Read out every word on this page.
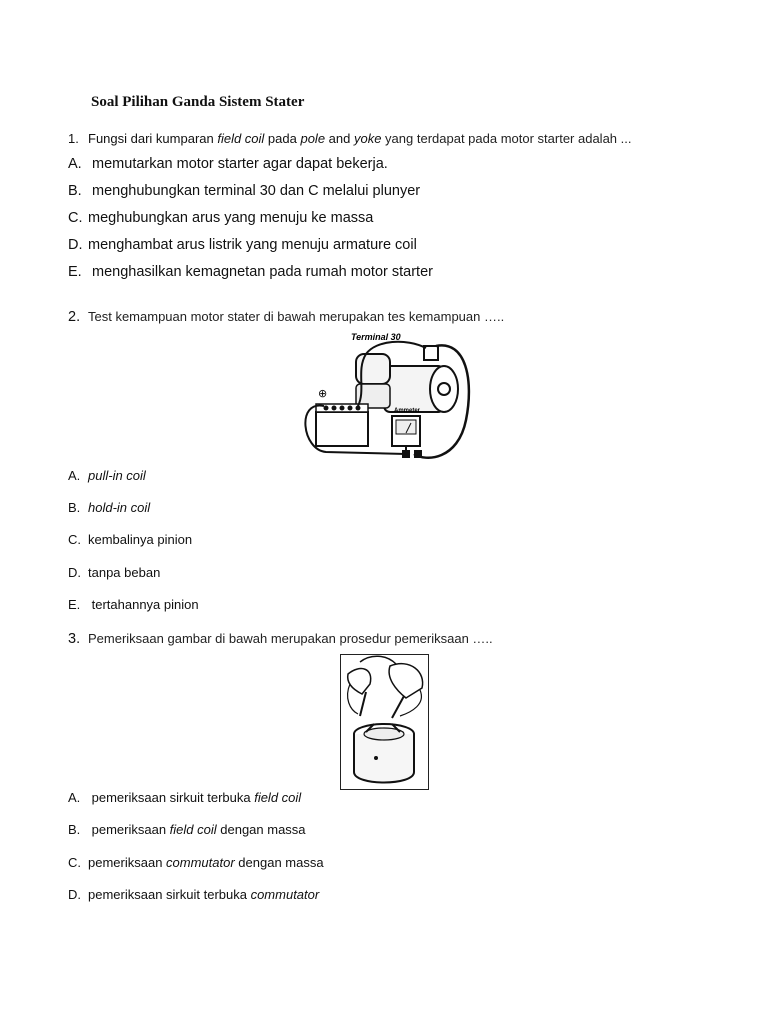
Soal Pilihan Ganda Sistem Stater
1. Fungsi dari kumparan field coil pada pole and yoke yang terdapat pada motor starter adalah ...
A. memutarkan motor starter agar dapat bekerja.
B. menghubungkan terminal 30 dan C melalui plunyer
C. meghubungkan arus yang menuju ke massa
D. menghambat arus listrik yang menuju armature coil
E. menghasilkan kemagnetan pada rumah motor starter
2. Test kemampuan motor stater di bawah merupakan tes kemampuan …..
Terminal 30
⊕
Ammeter
A. pull-in coil
B. hold-in coil
C. kembalinya pinion
D. tanpa beban
E. tertahannya pinion
3. Pemeriksaan gambar di bawah merupakan prosedur pemeriksaan …..
A. pemeriksaan sirkuit terbuka field coil
B. pemeriksaan field coil dengan massa
C. pemeriksaan commutator dengan massa
D. pemeriksaan sirkuit terbuka commutator
